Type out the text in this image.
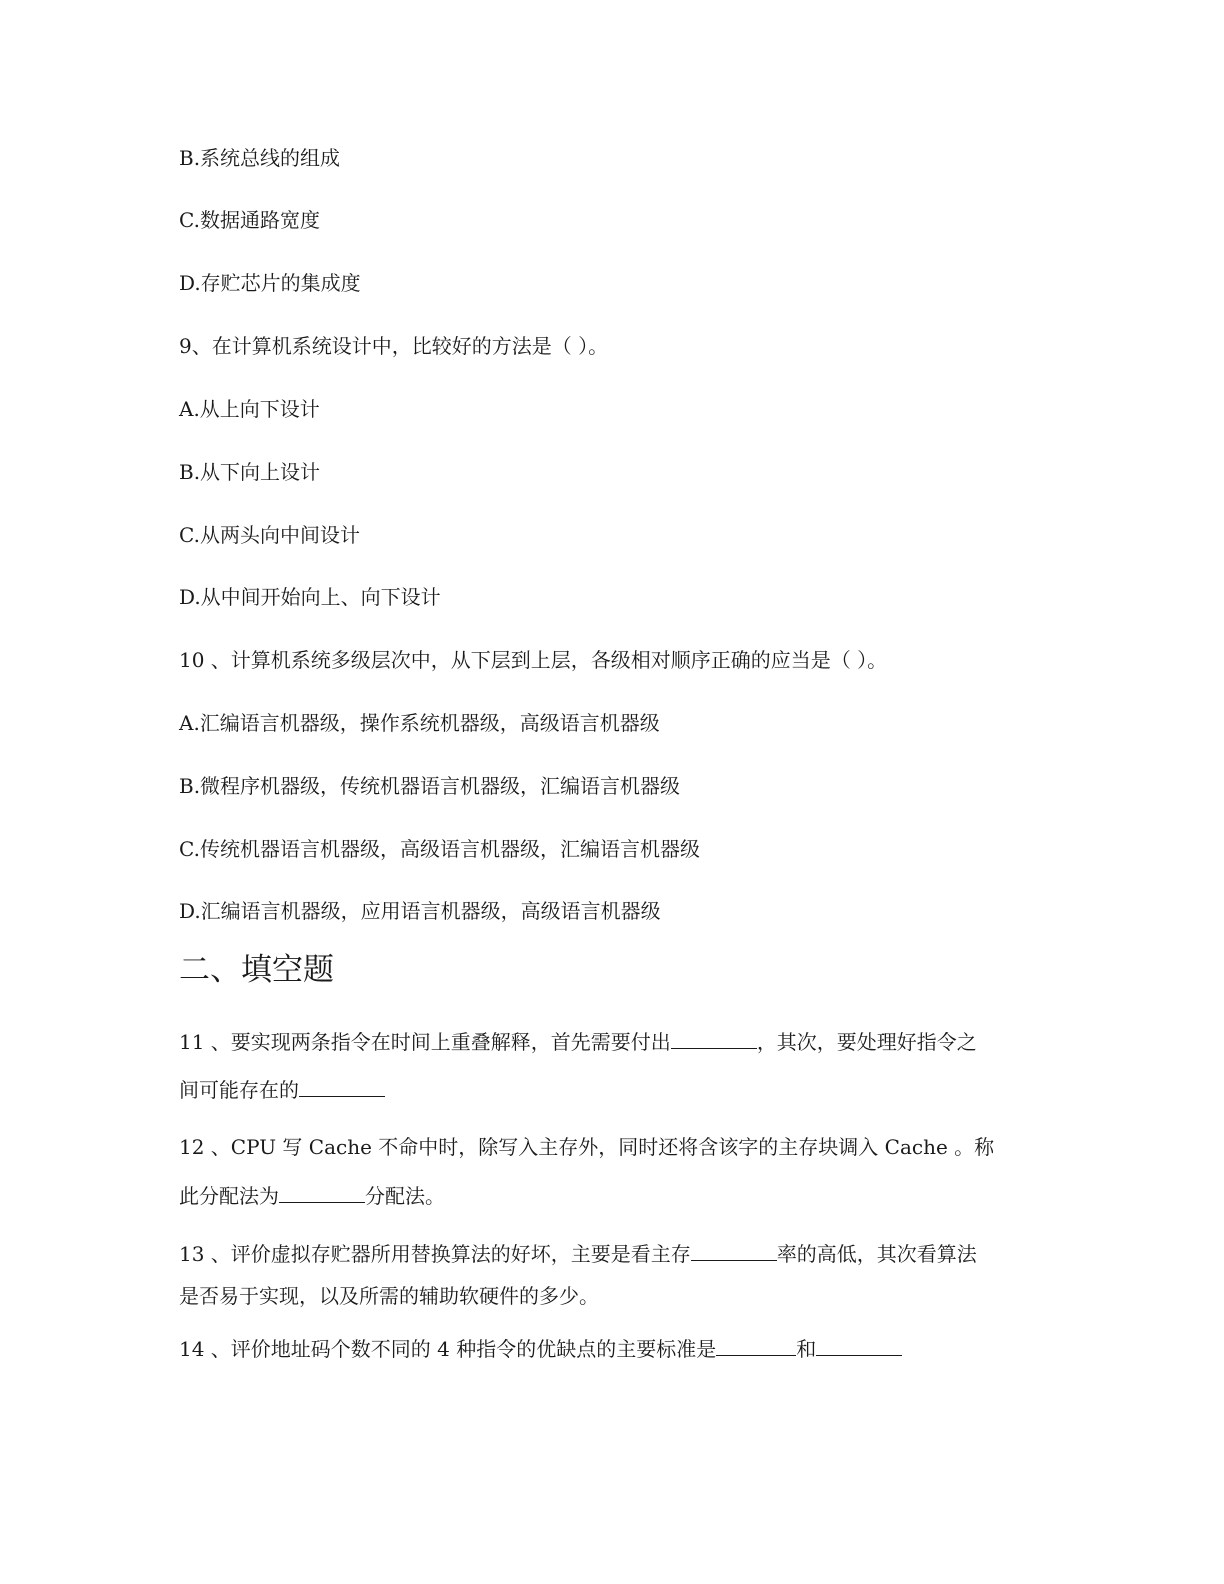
B.系统总线的组成
C.数据通路宽度
D.存贮芯片的集成度
9、在计算机系统设计中，比较好的方法是（ ）。
A.从上向下设计
B.从下向上设计
C.从两头向中间设计
D.从中间开始向上、向下设计
10 、计算机系统多级层次中，从下层到上层，各级相对顺序正确的应当是（ ）。
A.汇编语言机器级，操作系统机器级，高级语言机器级
B.微程序机器级，传统机器语言机器级，汇编语言机器级
C.传统机器语言机器级，高级语言机器级，汇编语言机器级
D.汇编语言机器级，应用语言机器级，高级语言机器级
二、填空题
11 、要实现两条指令在时间上重叠解释，首先需要付出	，其次，要处理好指令之
间可能存在的
12 、CPU 写 Cache 不命中时，除写入主存外，同时还将含该字的主存块调入 Cache 。称
此分配法为	分配法。
13 、评价虚拟存贮器所用替换算法的好坏，主要是看主存	率的高低，其次看算法
是否易于实现，以及所需的辅助软硬件的多少。
14 、评价地址码个数不同的 4 种指令的优缺点的主要标准是	和
